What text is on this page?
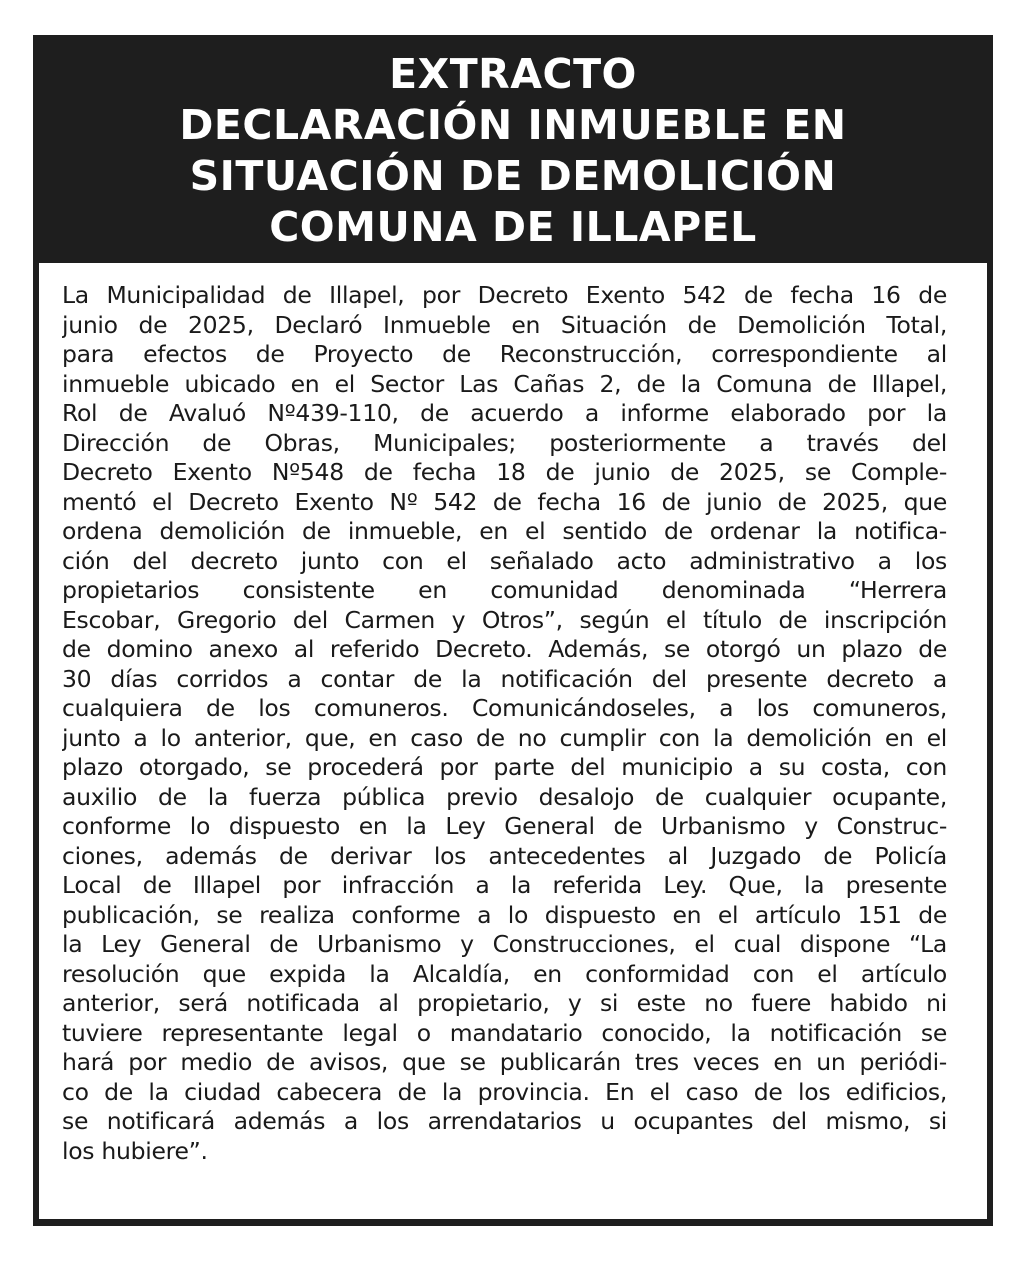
EXTRACTO
DECLARACIÓN INMUEBLE EN
SITUACIÓN DE DEMOLICIÓN
COMUNA DE ILLAPEL
La Municipalidad de Illapel, por Decreto Exento 542 de fecha 16 de
junio de 2025, Declaró Inmueble en Situación de Demolición Total,
para efectos de Proyecto de Reconstrucción, correspondiente al
inmueble ubicado en el Sector Las Cañas 2, de la Comuna de Illapel,
Rol de Avaluó Nº439-110, de acuerdo a informe elaborado por la
Dirección de Obras, Municipales; posteriormente a través del
Decreto Exento Nº548 de fecha 18 de junio de 2025, se Comple-
mentó el Decreto Exento Nº 542 de fecha 16 de junio de 2025, que
ordena demolición de inmueble, en el sentido de ordenar la notifica-
ción del decreto junto con el señalado acto administrativo a los
propietarios consistente en comunidad denominada “Herrera
Escobar, Gregorio del Carmen y Otros”, según el título de inscripción
de domino anexo al referido Decreto. Además, se otorgó un plazo de
30 días corridos a contar de la notificación del presente decreto a
cualquiera de los comuneros. Comunicándoseles, a los comuneros,
junto a lo anterior, que, en caso de no cumplir con la demolición en el
plazo otorgado, se procederá por parte del municipio a su costa, con
auxilio de la fuerza pública previo desalojo de cualquier ocupante,
conforme lo dispuesto en la Ley General de Urbanismo y Construc-
ciones, además de derivar los antecedentes al Juzgado de Policía
Local de Illapel por infracción a la referida Ley. Que, la presente
publicación, se realiza conforme a lo dispuesto en el artículo 151 de
la Ley General de Urbanismo y Construcciones, el cual dispone “La
resolución que expida la Alcaldía, en conformidad con el artículo
anterior, será notificada al propietario, y si este no fuere habido ni
tuviere representante legal o mandatario conocido, la notificación se
hará por medio de avisos, que se publicarán tres veces en un periódi-
co de la ciudad cabecera de la provincia. En el caso de los edificios,
se notificará además a los arrendatarios u ocupantes del mismo, si
los hubiere”.
